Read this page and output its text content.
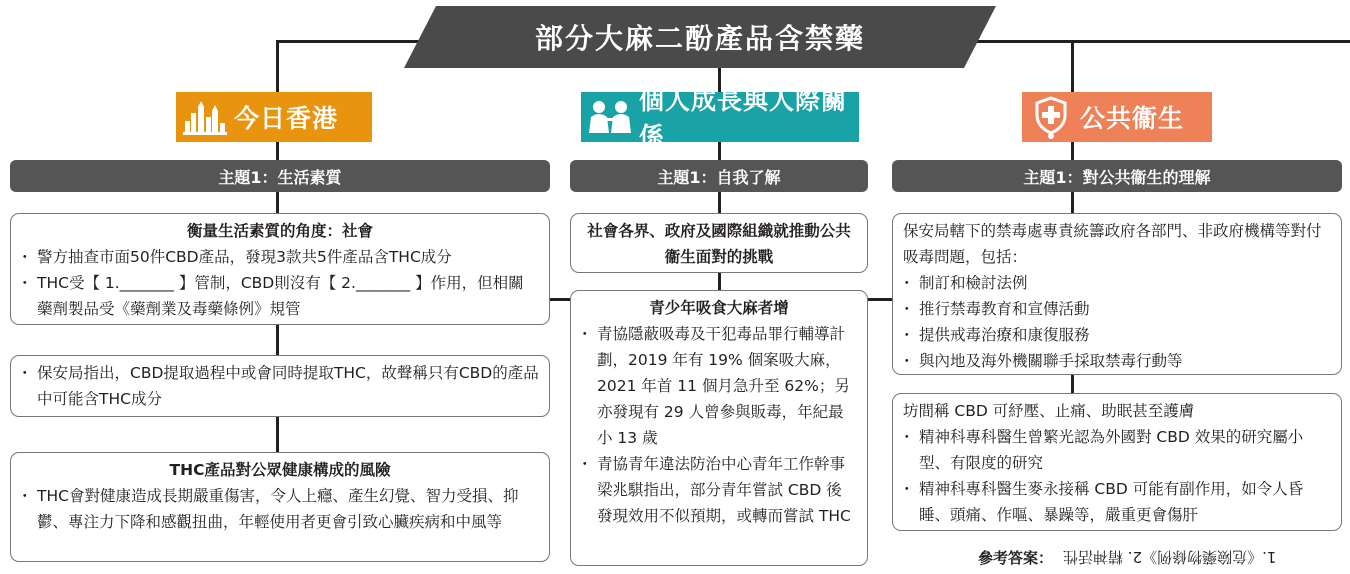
部分大麻二酚產品含禁藥
今日香港
個人成長與人際關係
公共衞生
主題1：生活素質	主題1：自我了解	主題1：對公共衞生的理解
衡量生活素質的角度：社會
・ 警方抽查市面50件CBD產品，發現3款共5件產品含THC成分
・ THC受【 1._______ 】管制，CBD則沒有【 2._______ 】作用，但相關藥劑製品受《藥劑業及毒藥條例》規管
・ 保安局指出，CBD提取過程中或會同時提取THC，故聲稱只有CBD的產品中可能含THC成分
THC產品對公眾健康構成的風險
・ THC會對健康造成長期嚴重傷害，令人上癮、產生幻覺、智力受損、抑鬱、專注力下降和感觀扭曲，年輕使用者更會引致心臟疾病和中風等
社會各界、政府及國際組織就推動公共衞生面對的挑戰
青少年吸食大麻者增
・ 青協隱蔽吸毒及干犯毒品罪行輔導計劃，2019 年有 19% 個案吸大麻，2021 年首 11 個月急升至 62%；另亦發現有 29 人曾參與販毒，年紀最小 13 歲
・ 青協青年違法防治中心青年工作幹事梁兆騏指出，部分青年嘗試 CBD 後發現效用不似預期，或轉而嘗試 THC
保安局轄下的禁毒處專責統籌政府各部門、非政府機構等對付吸毒問題，包括：
・ 制訂和檢討法例
・ 推行禁毒教育和宣傳活動
・ 提供戒毒治療和康復服務
・ 與內地及海外機關聯手採取禁毒行動等
坊間稱 CBD 可紓壓、止痛、助眠甚至護膚
・ 精神科專科醫生曾繁光認為外國對 CBD 效果的研究屬小型、有限度的研究
・ 精神科專科醫生麥永接稱 CBD 可能有副作用，如令人昏睡、頭痛、作嘔、暴躁等，嚴重更會傷肝
參考答案： 1.《危險藥物條例》2. 精神活性
